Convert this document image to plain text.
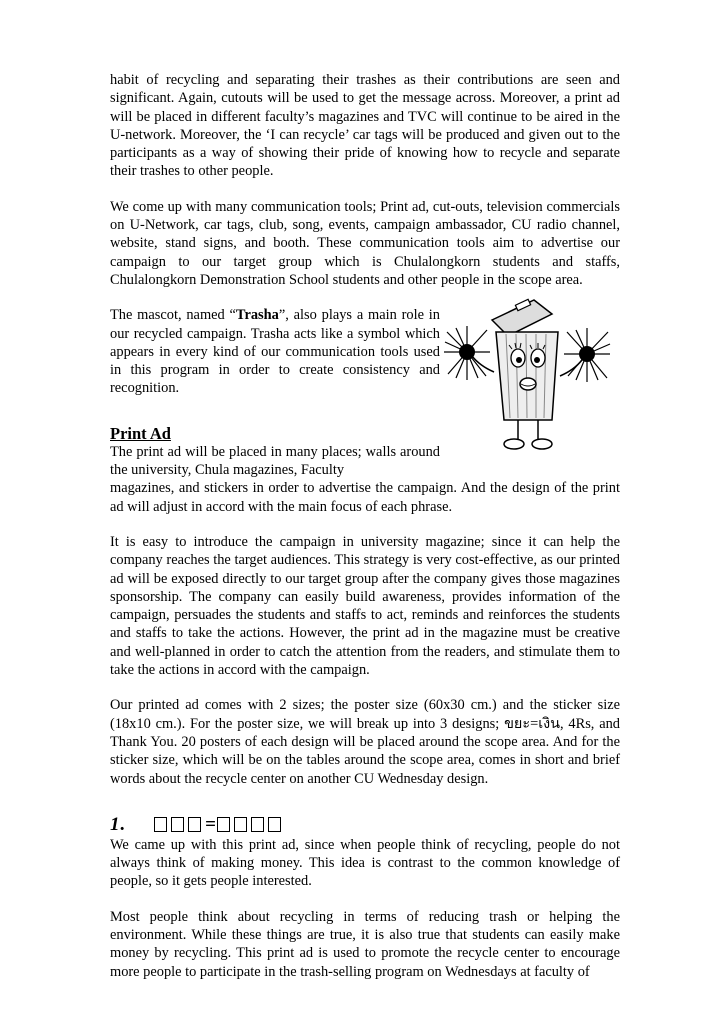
habit of recycling and separating their trashes as their contributions are seen and significant. Again, cutouts will be used to get the message across. Moreover, a print ad will be placed in different faculty’s magazines and TVC will continue to be aired in the U-network. Moreover, the ‘I can recycle’ car tags will be produced and given out to the participants as a way of showing their pride of knowing how to recycle and separate their trashes to other people.

We come up with many communication tools; Print ad, cut-outs, television commercials on U-Network, car tags, club, song, events, campaign ambassador, CU radio channel, website, stand signs, and booth. These communication tools aim to advertise our campaign to our target group which is Chulalongkorn students and staffs, Chulalongkorn Demonstration School students and other people in the scope area.

The mascot, named “Trasha”, also plays a main role in our recycled campaign. Trasha acts like a symbol which appears in every kind of our communication tools used in this program in order to create consistency and recognition.

Print Ad

The print ad will be placed in many places; walls around the university, Chula magazines, Faculty

magazines, and stickers in order to advertise the campaign. And the design of the print ad will adjust in accord with the main focus of each phrase.

It is easy to introduce the campaign in university magazine; since it can help the company reaches the target audiences. This strategy is very cost-effective, as our printed ad will be exposed directly to our target group after the company gives those magazines sponsorship. The company can easily build awareness, provides information of the campaign, persuades the students and staffs to act, reminds and reinforces the students and staffs to take the actions. However, the print ad in the magazine must be creative and well-planned in order to catch the attention from the readers, and stimulate them to take the actions in accord with the campaign.

Our printed ad comes with 2 sizes; the poster size (60x30 cm.) and the sticker size (18x10 cm.). For the poster size, we will break up into 3 designs; ขยะ=เงิน, 4Rs, and Thank You. 20 posters of each design will be placed around the scope area. And for the sticker size, which will be on the tables around the scope area, comes in short and brief words about the recycle center on another CU Wednesday design.

1.	=

We came up with this print ad, since when people think of recycling, people do not always think of making money. This idea is contrast to the common knowledge of people, so it gets people interested.

Most people think about recycling in terms of reducing trash or helping the environment. While these things are true, it is also true that students can easily make money by recycling. This print ad is used to promote the recycle center to encourage more people to participate in the trash-selling program on Wednesdays at faculty of
